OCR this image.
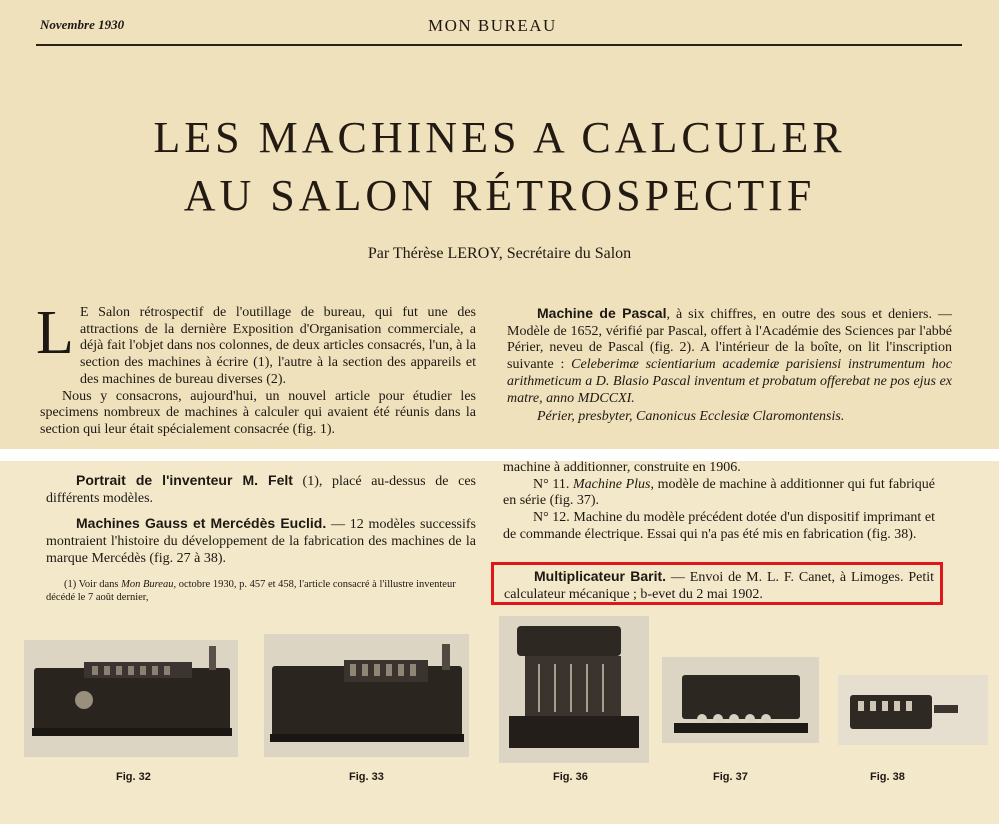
Novembre 1930	MON BUREAU
LES MACHINES A CALCULER
AU SALON RÉTROSPECTIF
Par Thérèse LEROY, Secrétaire du Salon
L E Salon rétrospectif de l'outillage de bureau, qui fut une des attractions de la dernière Exposition d'Organisation commerciale, a déjà fait l'objet dans nos colonnes, de deux articles consacrés, l'un, à la section des machines à écrire (1), l'autre à la section des appareils et des machines de bureau diverses (2).

Nous y consacrons, aujourd'hui, un nouvel article pour étudier les specimens nombreux de machines à calculer qui avaient été réunis dans la section qui leur était spécialement consacrée (fig. 1).

Machine de Pascal, à six chiffres, en outre des sous et deniers. — Modèle de 1652, vérifié par Pascal, offert à l'Académie des Sciences par l'abbé Périer, neveu de Pascal (fig. 2). A l'intérieur de la boîte, on lit l'inscription suivante : Celeberimæ scientiarium academiæ parisiensi instrumentum hoc arithmeticum a D. Blasio Pascal inventum et probatum offerebat ne pos ejus ex matre, anno MDCCXI.

Périer, presbyter, Canonicus Ecclesiæ Claromontensis.

Portrait de l'inventeur M. Felt (1), placé au-dessus de ces différents modèles.

Machines Gauss et Mercédès Euclid. — 12 modèles successifs montraient l'histoire du développement de la fabrication des machines de la marque Mercédès (fig. 27 à 38).

(1) Voir dans Mon Bureau, octobre 1930, p. 457 et 458, l'article consacré à l'illustre inventeur décédé le 7 août dernier,

machine à additionner, construite en 1906.

N° 11. Machine Plus, modèle de machine à additionner qui fut fabriqué en série (fig. 37).

N° 12. Machine du modèle précédent dotée d'un dispositif imprimant et de commande électrique. Essai qui n'a pas été mis en fabrication (fig. 38).

Multiplicateur Barit. — Envoi de M. L. F. Canet, à Limoges. Petit calculateur mécanique ; b-evet du 2 mai 1902.

Fig. 32	Fig. 33	Fig. 36	Fig. 37	Fig. 38
